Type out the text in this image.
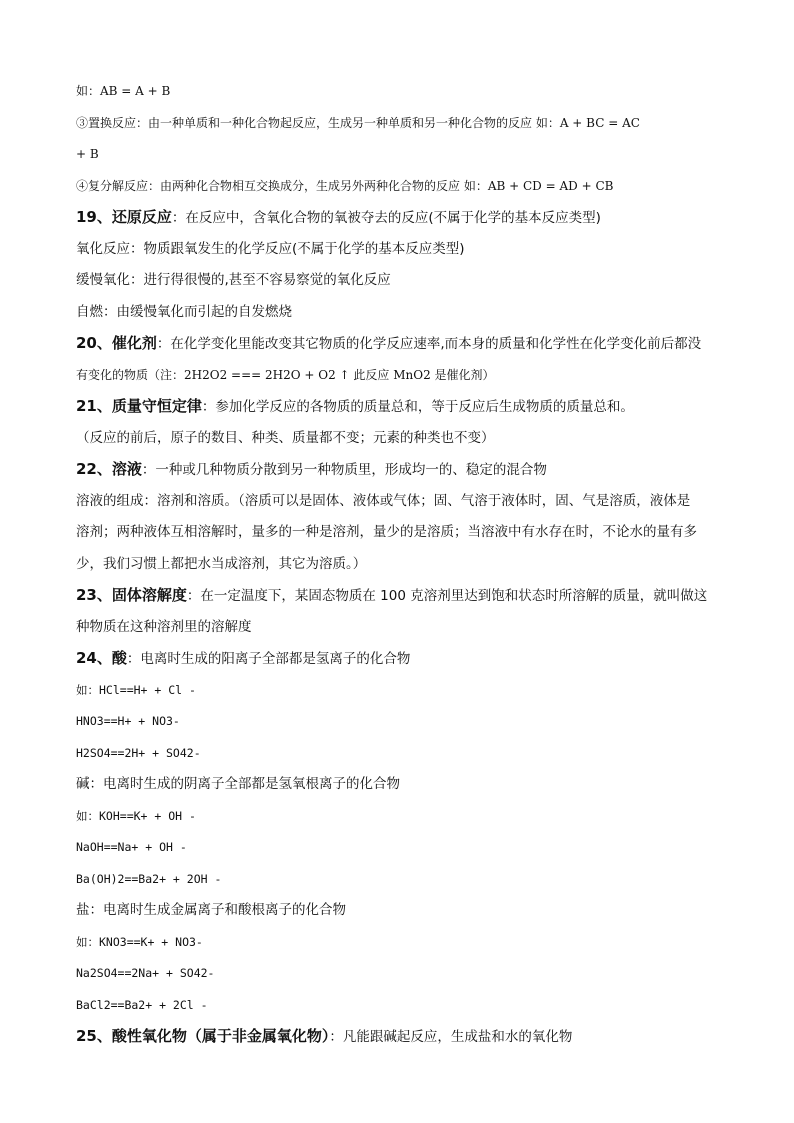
如：AB = A + B
③置换反应：由一种单质和一种化合物起反应，生成另一种单质和另一种化合物的反应 如：A + BC = AC
+ B
④复分解反应：由两种化合物相互交换成分，生成另外两种化合物的反应 如：AB + CD = AD + CB
19、还原反应：在反应中，含氧化合物的氧被夺去的反应(不属于化学的基本反应类型)
氧化反应：物质跟氧发生的化学反应(不属于化学的基本反应类型)
缓慢氧化：进行得很慢的,甚至不容易察觉的氧化反应
自燃：由缓慢氧化而引起的自发燃烧
20、催化剂：在化学变化里能改变其它物质的化学反应速率,而本身的质量和化学性在化学变化前后都没
有变化的物质（注：2H2O2 === 2H2O + O2 ↑ 此反应 MnO2 是催化剂）
21、质量守恒定律：参加化学反应的各物质的质量总和，等于反应后生成物质的质量总和。
（反应的前后，原子的数目、种类、质量都不变；元素的种类也不变）
22、溶液：一种或几种物质分散到另一种物质里，形成均一的、稳定的混合物
溶液的组成：溶剂和溶质。（溶质可以是固体、液体或气体；固、气溶于液体时，固、气是溶质，液体是
溶剂；两种液体互相溶解时，量多的一种是溶剂，量少的是溶质；当溶液中有水存在时，不论水的量有多
少，我们习惯上都把水当成溶剂，其它为溶质。）
23、固体溶解度：在一定温度下，某固态物质在 100 克溶剂里达到饱和状态时所溶解的质量，就叫做这
种物质在这种溶剂里的溶解度
24、酸：电离时生成的阳离子全部都是氢离子的化合物
如：HCl==H+ + Cl -
HNO3==H+ + NO3-
H2SO4==2H+ + SO42-
碱：电离时生成的阴离子全部都是氢氧根离子的化合物
如：KOH==K+ + OH -
NaOH==Na+ + OH -
Ba(OH)2==Ba2+ + 2OH -
盐：电离时生成金属离子和酸根离子的化合物
如：KNO3==K+ + NO3-
Na2SO4==2Na+ + SO42-
BaCl2==Ba2+ + 2Cl -
25、酸性氧化物（属于非金属氧化物）：凡能跟碱起反应，生成盐和水的氧化物
